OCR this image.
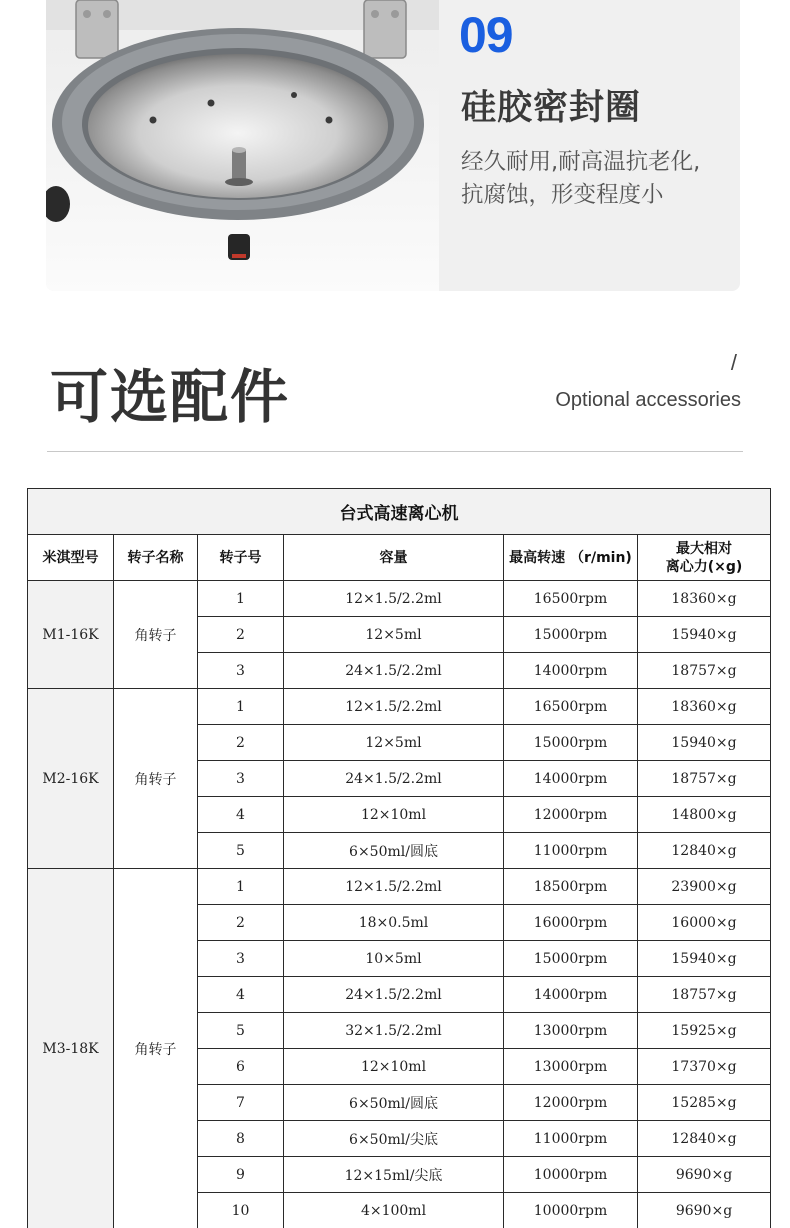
09
硅胶密封圈
经久耐用,耐高温抗老化,
抗腐蚀，形变程度小
可选配件
/
Optional accessories
台式高速离心机					
米淇型号	转子名称	转子号	容量	最高转速 （r/min)	最大相对
离心力(×g)
M1-16K	角转子	1	12×1.5/2.2ml	16500rpm	18360×g
		2	12×5ml	15000rpm	15940×g
		3	24×1.5/2.2ml	14000rpm	18757×g
M2-16K	角转子	1	12×1.5/2.2ml	16500rpm	18360×g
		2	12×5ml	15000rpm	15940×g
		3	24×1.5/2.2ml	14000rpm	18757×g
		4	12×10ml	12000rpm	14800×g
		5	6×50ml/圆底	11000rpm	12840×g
M3-18K	角转子	1	12×1.5/2.2ml	18500rpm	23900×g
		2	18×0.5ml	16000rpm	16000×g
		3	10×5ml	15000rpm	15940×g
		4	24×1.5/2.2ml	14000rpm	18757×g
		5	32×1.5/2.2ml	13000rpm	15925×g
		6	12×10ml	13000rpm	17370×g
		7	6×50ml/圆底	12000rpm	15285×g
		8	6×50ml/尖底	11000rpm	12840×g
		9	12×15ml/尖底	10000rpm	9690×g
		10	4×100ml	10000rpm	9690×g
